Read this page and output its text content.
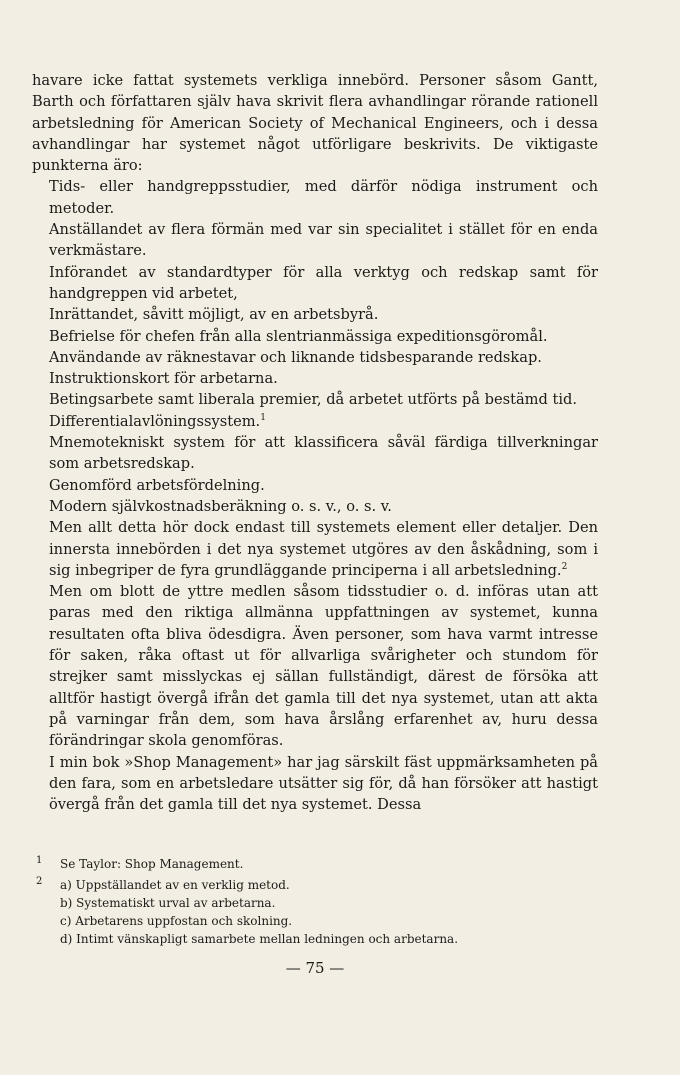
havare icke fattat systemets verkliga innebörd. Personer såsom Gantt, Barth och författaren själv hava skrivit flera avhandlingar rörande rationell arbetsledning för American Society of Mechanical Engineers, och i dessa avhandlingar har systemet något utförligare beskrivits. De viktigaste punkterna äro:

Tids- eller handgreppsstudier, med därför nödiga instrument och metoder.

Anställandet av flera förmän med var sin specialitet i stället för en enda verkmästare.

Införandet av standardtyper för alla verktyg och redskap samt för handgreppen vid arbetet,

Inrättandet, såvitt möjligt, av en arbetsbyrå.

Befrielse för chefen från alla slentrianmässiga expeditionsgöromål.

Användande av räknestavar och liknande tidsbesparande redskap.

Instruktionskort för arbetarna.

Betingsarbete samt liberala premier, då arbetet utförts på bestämd tid.

Differentialavlöningssystem.$^1$

Mnemotekniskt system för att klassificera såväl färdiga tillverkningar som arbetsredskap.

Genomförd arbetsfördelning.

Modern självkostnadsberäkning o. s. v., o. s. v.

Men allt detta hör dock endast till systemets element eller detaljer. Den innersta innebörden i det nya systemet utgöres av den åskådning, som i sig inbegriper de fyra grundläggande principerna i all arbetsledning.$^2$

Men om blott de yttre medlen såsom tidsstudier o. d. införas utan att paras med den riktiga allmänna uppfattningen av systemet, kunna resultaten ofta bliva ödesdigra. Även personer, som hava varmt intresse för saken, råka oftast ut för allvarliga svårigheter och stundom för strejker samt misslyckas ej sällan fullständigt, därest de försöka att alltför hastigt övergå ifrån det gamla till det nya systemet, utan att akta på varningar från dem, som hava årslång erfarenhet av, huru dessa förändringar skola genomföras.

I min bok »Shop Management» har jag särskilt fäst uppmärksamheten på den fara, som en arbetsledare utsätter sig för, då han försöker att hastigt övergå från det gamla till det nya systemet. Dessa

$^1$ Se Taylor: Shop Management.

$^2$ a) Uppställandet av en verklig metod.

b) Systematiskt urval av arbetarna.

c) Arbetarens uppfostan och skolning.

d) Intimt vänskapligt samarbete mellan ledningen och arbetarna.

— 75 —
